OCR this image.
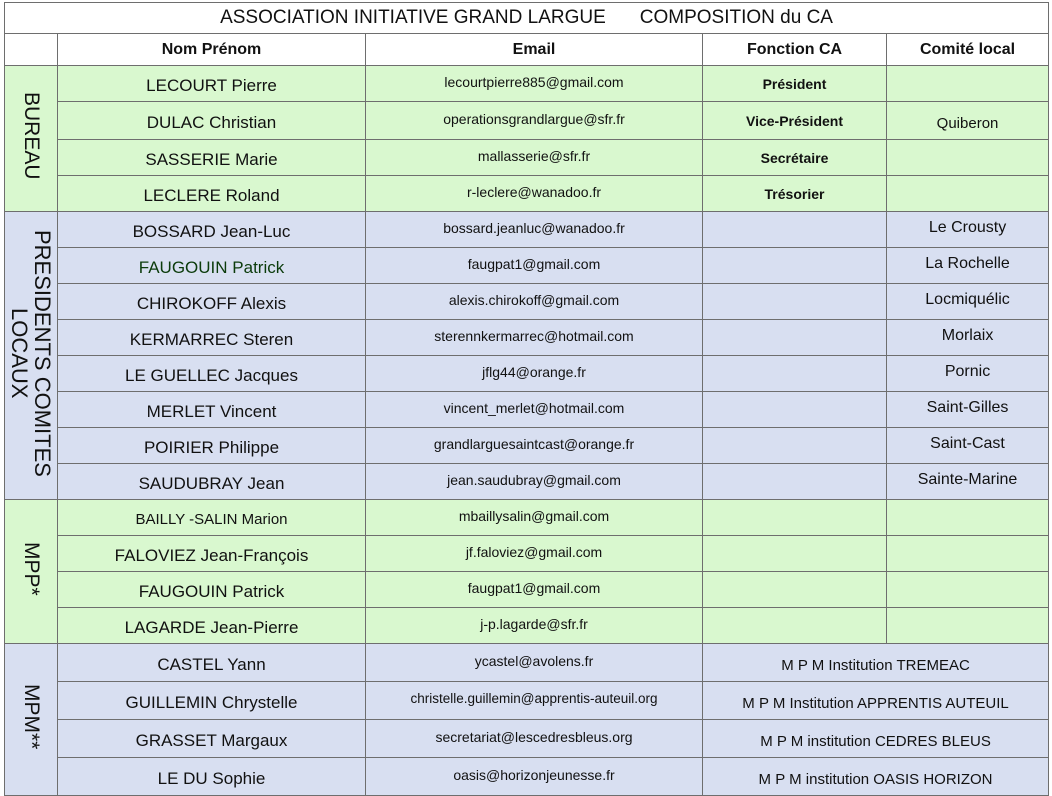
ASSOCIATION INITIATIVE GRAND LARGUE COMPOSITION du CA				
	Nom Prénom	Email	Fonction CA	Comité local
BUREAU	LECOURT Pierre	lecourtpierre885@gmail.com	Président	
	DULAC Christian	operationsgrandlargue@sfr.fr	Vice-Président	Quiberon
	SASSERIE Marie	mallasserie@sfr.fr	Secrétaire	
	LECLERE Roland	r-leclere@wanadoo.fr	Trésorier	
PRESIDENTS COMITES
LOCAUX	BOSSARD Jean-Luc	bossard.jeanluc@wanadoo.fr		Le Crousty
	FAUGOUIN Patrick	faugpat1@gmail.com		La Rochelle
	CHIROKOFF Alexis	alexis.chirokoff@gmail.com		Locmiquélic
	KERMARREC Steren	sterennkermarrec@hotmail.com		Morlaix
	LE GUELLEC Jacques	jflg44@orange.fr		Pornic
	MERLET Vincent	vincent_merlet@hotmail.com		Saint-Gilles
	POIRIER Philippe	grandlarguesaintcast@orange.fr		Saint-Cast
	SAUDUBRAY Jean	jean.saudubray@gmail.com		Sainte-Marine
MPP*	BAILLY -SALIN Marion	mbaillysalin@gmail.com		
	FALOVIEZ Jean-François	jf.faloviez@gmail.com		
	FAUGOUIN Patrick	faugpat1@gmail.com		
	LAGARDE Jean-Pierre	j-p.lagarde@sfr.fr		
MPM**	CASTEL Yann	ycastel@avolens.fr	M P M Institution TREMEAC	
	GUILLEMIN Chrystelle	christelle.guillemin@apprentis-auteuil.org	M P M Institution APPRENTIS AUTEUIL	
	GRASSET Margaux	secretariat@lescedresbleus.org	M P M institution CEDRES BLEUS	
	LE DU Sophie	oasis@horizonjeunesse.fr	M P M institution OASIS HORIZON	
